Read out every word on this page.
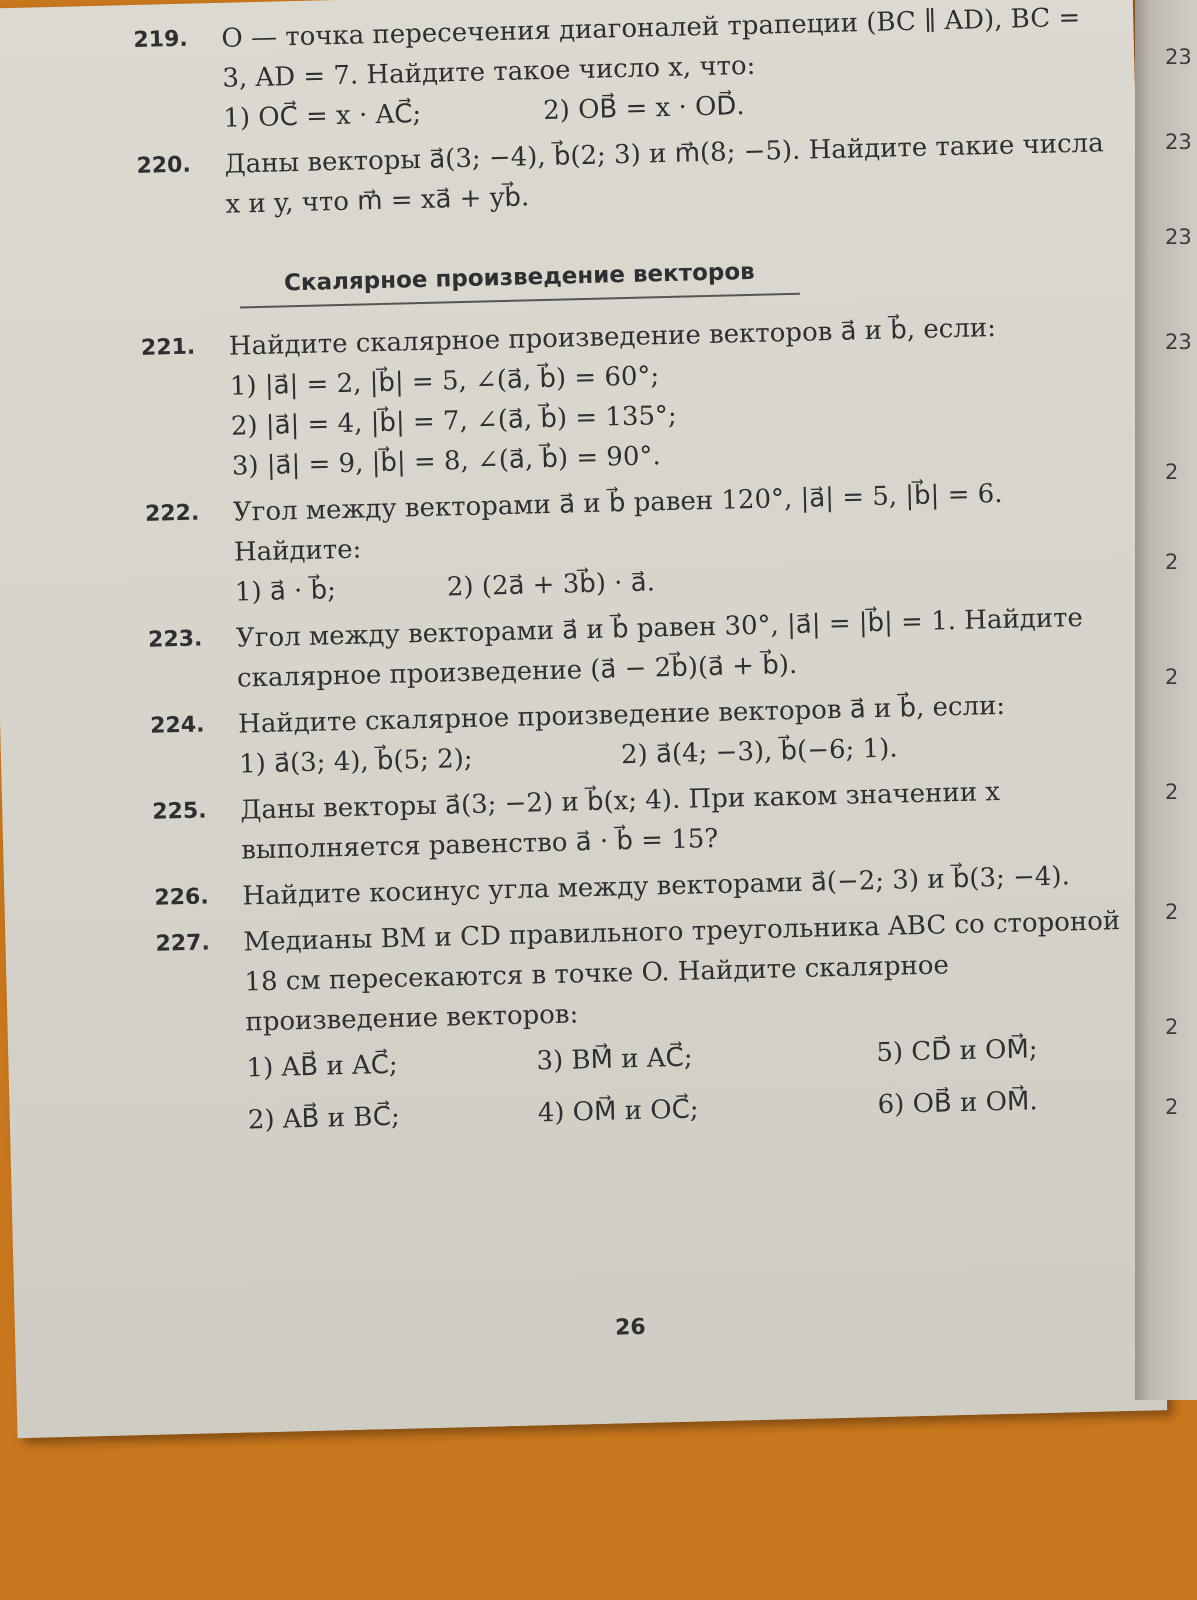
219. O — точка пересечения диагоналей трапеции (BC ∥ AD), BC = 3, AD = 7. Найдите такое число x, что:
1) OC⃗ = x · AC⃗;	2) OB⃗ = x · OD⃗.
220. Даны векторы a⃗(3; −4), b⃗(2; 3) и m⃗(8; −5). Найдите такие числа x и y, что m⃗ = xa⃗ + yb⃗.
Скалярное произведение векторов
221. Найдите скалярное произведение векторов a⃗ и b⃗, если:
1) |a⃗| = 2, |b⃗| = 5, ∠(a⃗, b⃗) = 60°;
2) |a⃗| = 4, |b⃗| = 7, ∠(a⃗, b⃗) = 135°;
3) |a⃗| = 9, |b⃗| = 8, ∠(a⃗, b⃗) = 90°.
222. Угол между векторами a⃗ и b⃗ равен 120°, |a⃗| = 5, |b⃗| = 6. Найдите:
1) a⃗ · b⃗;	2) (2a⃗ + 3b⃗) · a⃗.
223. Угол между векторами a⃗ и b⃗ равен 30°, |a⃗| = |b⃗| = 1. Найдите скалярное произведение (a⃗ − 2b⃗)(a⃗ + b⃗).
224. Найдите скалярное произведение векторов a⃗ и b⃗, если:
1) a⃗(3; 4), b⃗(5; 2);	2) a⃗(4; −3), b⃗(−6; 1).
225. Даны векторы a⃗(3; −2) и b⃗(x; 4). При каком значении x выполняется равенство a⃗ · b⃗ = 15?
226. Найдите косинус угла между векторами a⃗(−2; 3) и b⃗(3; −4).
227. Медианы BM и CD правильного треугольника ABC со стороной 18 см пересекаются в точке O. Найдите скалярное произведение векторов:
1) AB⃗ и AC⃗;	3) BM⃗ и AC⃗;	5) CD⃗ и OM⃗;
2) AB⃗ и BC⃗;	4) OM⃗ и OC⃗;	6) OB⃗ и OM⃗.
26
23
23
23
23
2
2
2
2
2
2
2
